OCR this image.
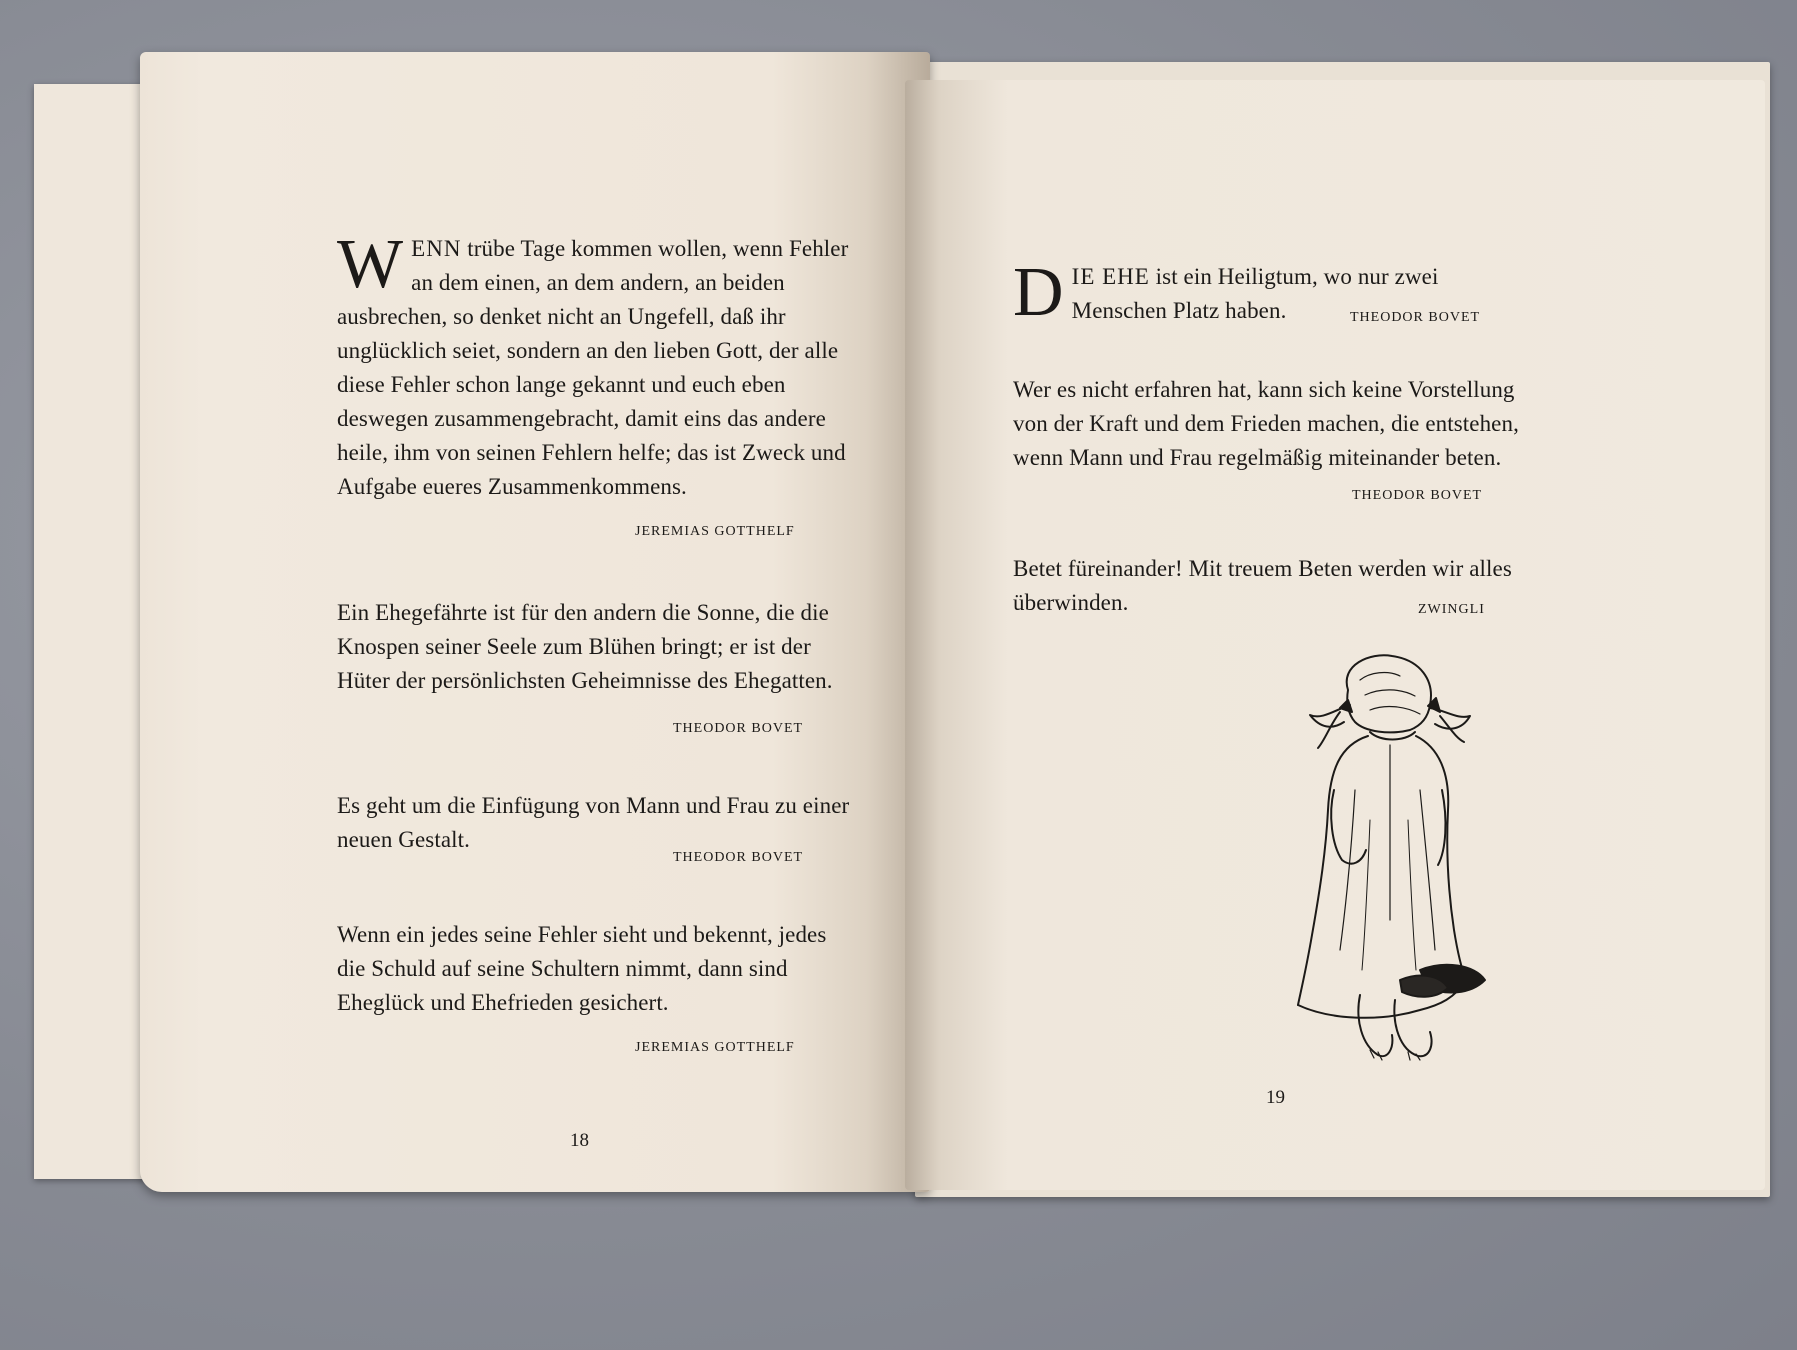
WENN trübe Tage kommen wollen, wenn Fehler an dem einen, an dem andern, an beiden ausbrechen, so denket nicht an Ungefell, daß ihr unglücklich seiet, sondern an den lieben Gott, der alle diese Fehler schon lange gekannt und euch eben deswegen zusammengebracht, damit eins das andere heile, ihm von seinen Fehlern helfe; das ist Zweck und Aufgabe eueres Zusammenkommens.

JEREMIAS GOTTHELF

Ein Ehegefährte ist für den andern die Sonne, die die Knospen seiner Seele zum Blühen bringt; er ist der Hüter der persönlichsten Geheimnisse des Ehegatten.

THEODOR BOVET

Es geht um die Einfügung von Mann und Frau zu einer neuen Gestalt.

THEODOR BOVET

Wenn ein jedes seine Fehler sieht und bekennt, jedes die Schuld auf seine Schultern nimmt, dann sind Eheglück und Ehefrieden gesichert.

JEREMIAS GOTTHELF
18

DIE EHE ist ein Heiligtum, wo nur zwei Menschen Platz haben.	THEODOR BOVET

Wer es nicht erfahren hat, kann sich keine Vorstellung von der Kraft und dem Frieden machen, die entstehen, wenn Mann und Frau regelmäßig miteinander beten.

THEODOR BOVET

Betet füreinander! Mit treuem Beten werden wir alles überwinden.	ZWINGLI
19
